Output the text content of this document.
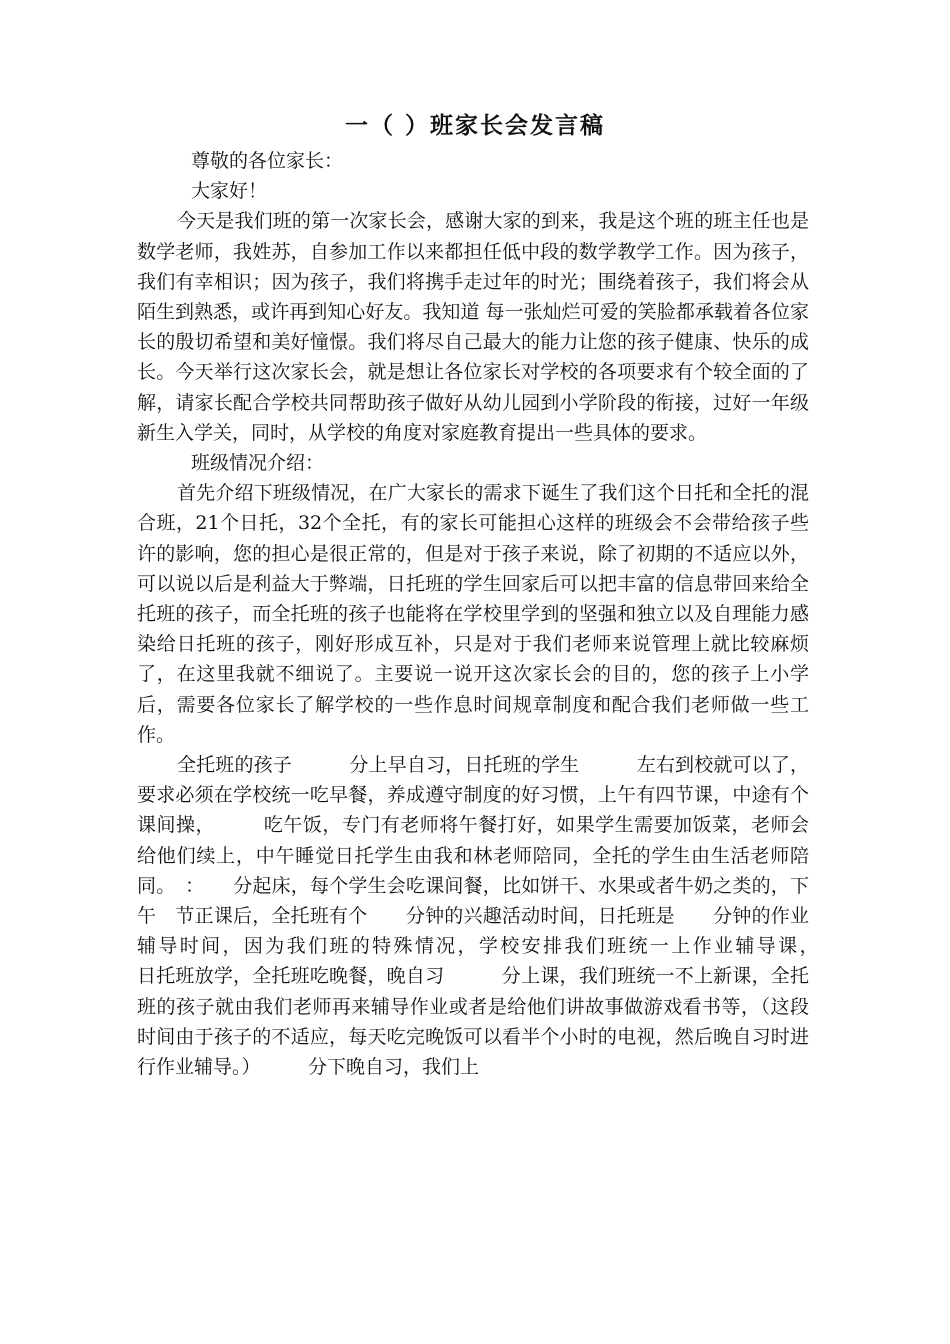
一（ ）班家长会发言稿

尊敬的各位家长：

大家好！

今天是我们班的第一次家长会，感谢大家的到来，我是这个班的班主任也是数学老师，我姓苏，自参加工作以来都担任低中段的数学教学工作。因为孩子，我们有幸相识；因为孩子，我们将携手走过年的时光；围绕着孩子，我们将会从陌生到熟悉，或许再到知心好友。我知道 每一张灿烂可爱的笑脸都承载着各位家长的殷切希望和美好憧憬。我们将尽自己最大的能力让您的孩子健康、快乐的成长。今天举行这次家长会，就是想让各位家长对学校的各项要求有个较全面的了解，请家长配合学校共同帮助孩子做好从幼儿园到小学阶段的衔接，过好一年级新生入学关，同时，从学校的角度对家庭教育提出一些具体的要求。

班级情况介绍：

首先介绍下班级情况，在广大家长的需求下诞生了我们这个日托和全托的混合班，21个日托，32个全托，有的家长可能担心这样的班级会不会带给孩子些许的影响，您的担心是很正常的，但是对于孩子来说，除了初期的不适应以外，可以说以后是利益大于弊端，日托班的学生回家后可以把丰富的信息带回来给全托班的孩子，而全托班的孩子也能将在学校里学到的坚强和独立以及自理能力感染给日托班的孩子，刚好形成互补，只是对于我们老师来说管理上就比较麻烦了，在这里我就不细说了。主要说一说开这次家长会的目的，您的孩子上小学后，需要各位家长了解学校的一些作息时间规章制度和配合我们老师做一些工作。

全托班的孩子　　　分上早自习，日托班的学生　　　左右到校就可以了，要求必须在学校统一吃早餐，养成遵守制度的好习惯，上午有四节课，中途有个课间操，　　　吃午饭，专门有老师将午餐打好，如果学生需要加饭菜，老师会给他们续上，中午睡觉日托学生由我和林老师陪同，全托的学生由生活老师陪同。　：　　分起床，每个学生会吃课间餐，比如饼干、水果或者牛奶之类的，下午　节正课后，全托班有个　　分钟的兴趣活动时间，日托班是　　分钟的作业辅导时间，因为我们班的特殊情况，学校安排我们班统一上作业辅导课，　　　日托班放学，全托班吃晚餐，晚自习　　　分上课，我们班统一不上新课，全托班的孩子就由我们老师再来辅导作业或者是给他们讲故事做游戏看书等，（这段时间由于孩子的不适应，每天吃完晚饭可以看半个小时的电视，然后晚自习时进行作业辅导。）　　　分下晚自习，我们上
